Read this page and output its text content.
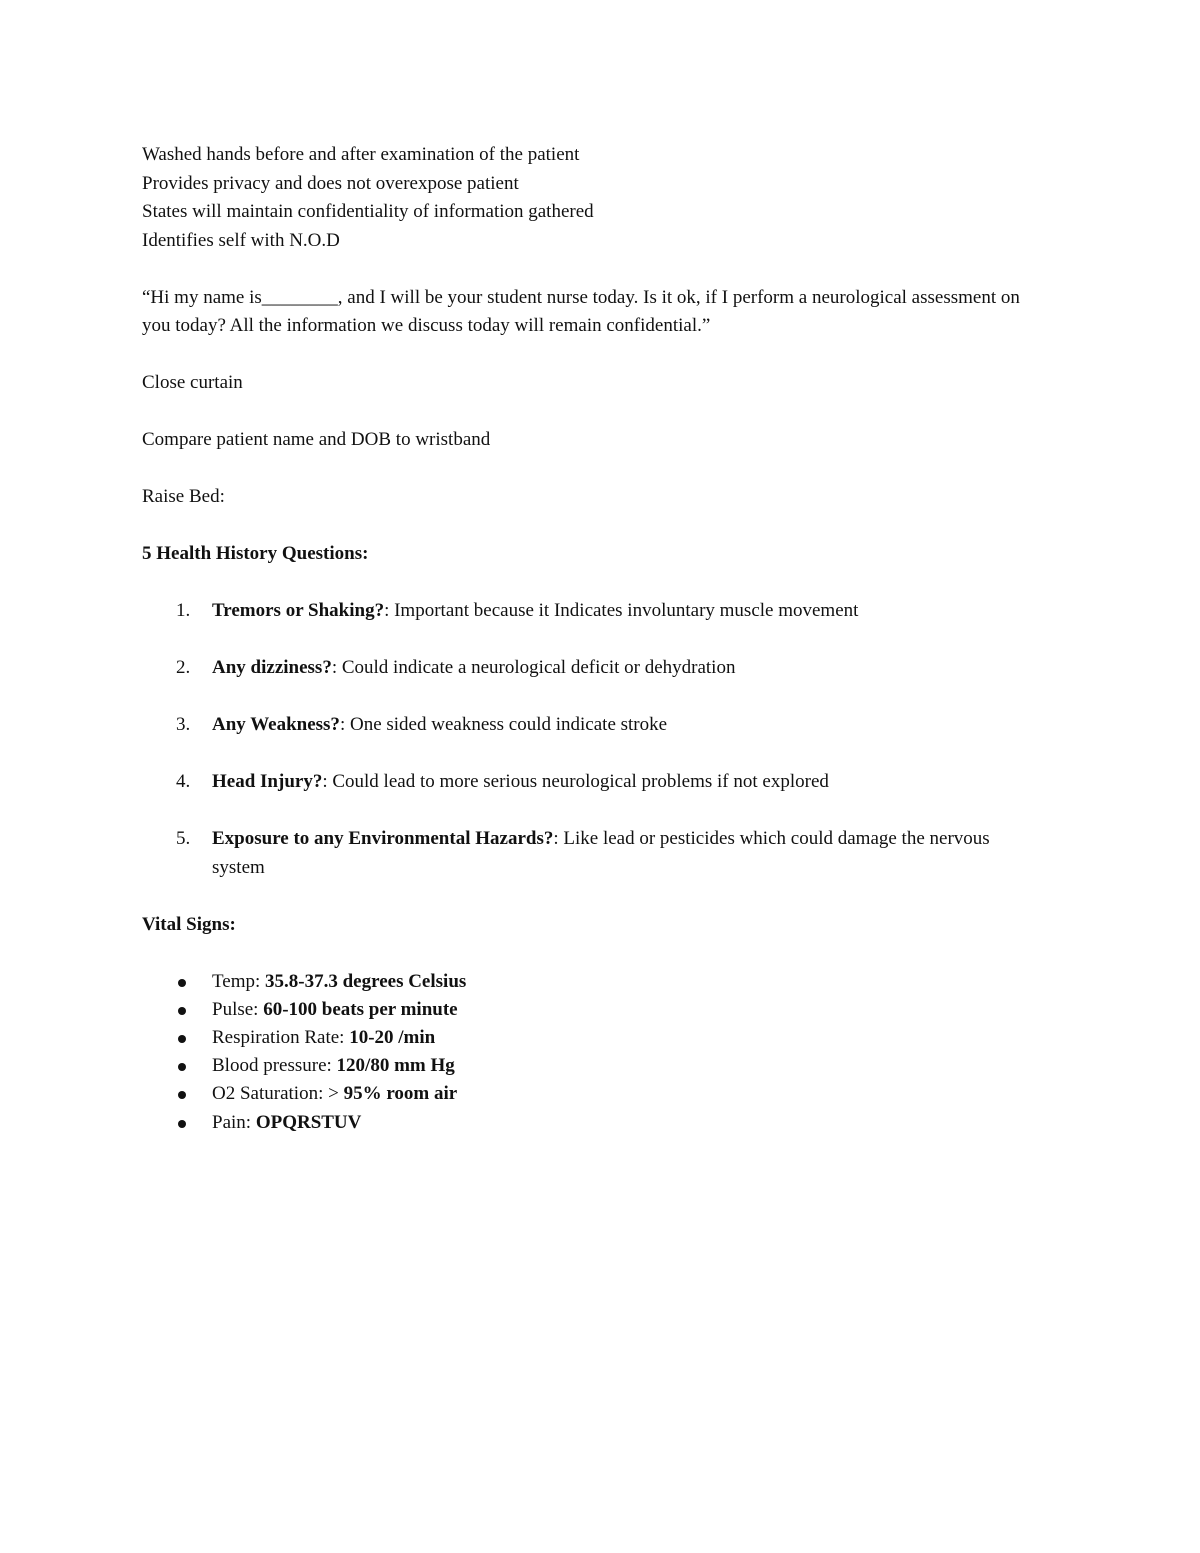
Washed hands before and after examination of the patient
Provides privacy and does not overexpose patient
States will maintain confidentiality of information gathered
Identifies self with N.O.D
“Hi my name is________, and I will be your student nurse today. Is it ok, if I perform a neurological assessment on you today? All the information we discuss today will remain confidential.”
Close curtain
Compare patient name and DOB to wristband
Raise Bed:
5 Health History Questions:
1. Tremors or Shaking?: Important because it Indicates involuntary muscle movement
2. Any dizziness?: Could indicate a neurological deficit or dehydration
3. Any Weakness?: One sided weakness could indicate stroke
4. Head Injury?: Could lead to more serious neurological problems if not explored
5. Exposure to any Environmental Hazards?: Like lead or pesticides which could damage the nervous system
Vital Signs:
Temp: 35.8-37.3 degrees Celsius
Pulse: 60-100 beats per minute
Respiration Rate: 10-20 /min
Blood pressure: 120/80 mm Hg
O2 Saturation: > 95% room air
Pain: OPQRSTUV
